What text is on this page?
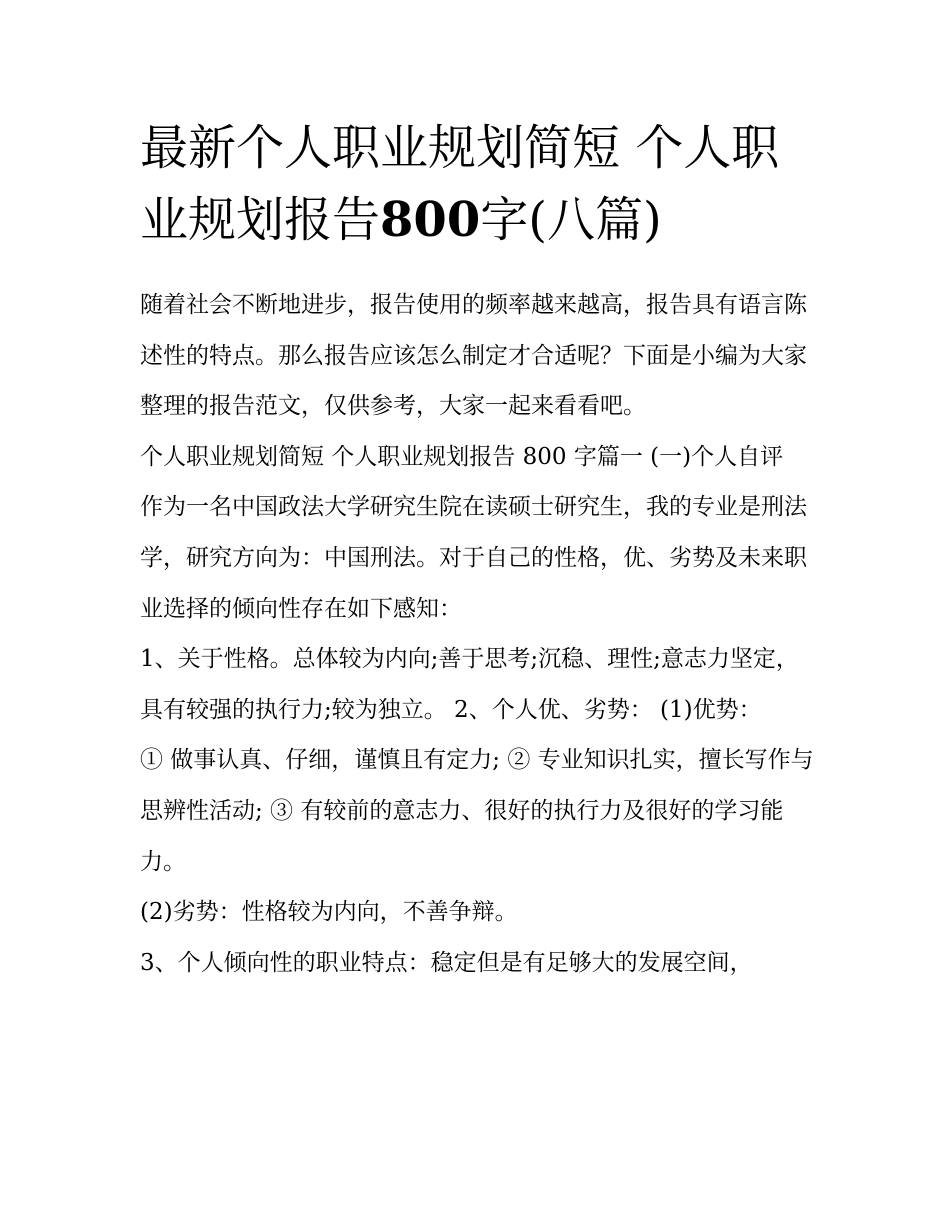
最新个人职业规划简短 个人职业规划报告800字(八篇)

随着社会不断地进步，报告使用的频率越来越高，报告具有语言陈述性的特点。那么报告应该怎么制定才合适呢？下面是小编为大家整理的报告范文，仅供参考，大家一起来看看吧。

个人职业规划简短 个人职业规划报告 800 字篇一 (一)个人自评

作为一名中国政法大学研究生院在读硕士研究生，我的专业是刑法学，研究方向为：中国刑法。对于自己的性格，优、劣势及未来职业选择的倾向性存在如下感知：

1、关于性格。总体较为内向;善于思考;沉稳、理性;意志力坚定，具有较强的执行力;较为独立。 2、个人优、劣势： (1)优势：

① 做事认真、仔细，谨慎且有定力; ② 专业知识扎实，擅长写作与思辨性活动; ③ 有较前的意志力、很好的执行力及很好的学习能力。

(2)劣势：性格较为内向，不善争辩。

3、个人倾向性的职业特点：稳定但是有足够大的发展空间，
